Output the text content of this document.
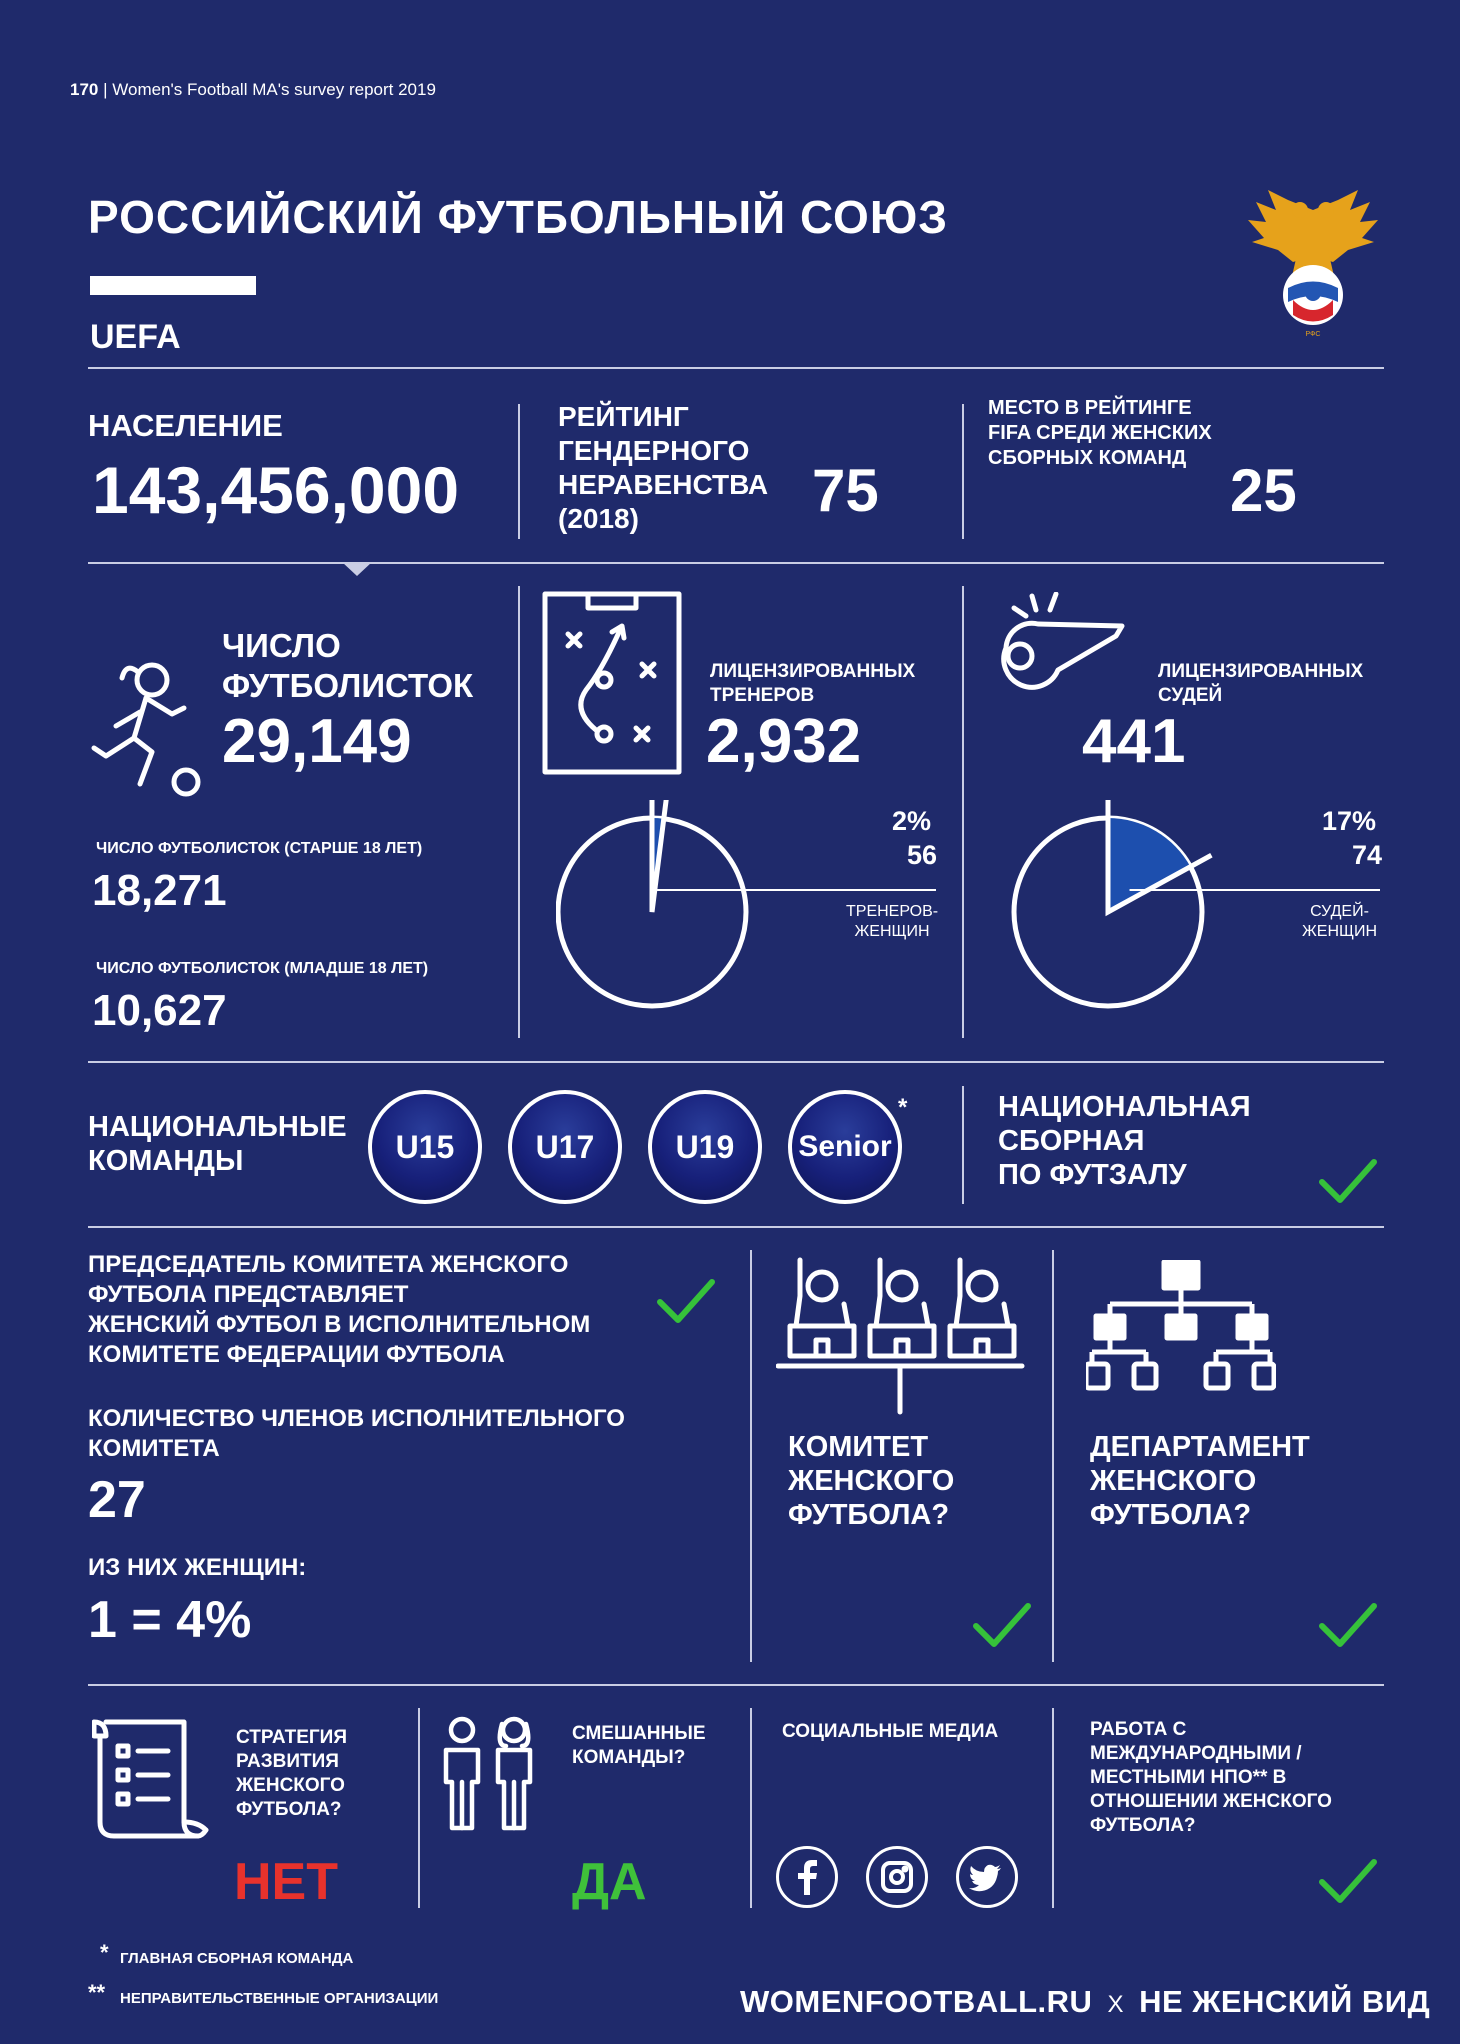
170 | Women's Football MA's survey report 2019
РОССИЙСКИЙ ФУТБОЛЬНЫЙ СОЮЗ
UEFA	РФС
НАСЕЛЕНИЕ
143,456,000
РЕЙТИНГ
ГЕНДЕРНОГО
НЕРАВЕНСТВА
(2018)	75
МЕСТО В РЕЙТИНГЕ
FIFA СРЕДИ ЖЕНСКИХ
СБОРНЫХ КОМАНД 25
ЧИСЛО
ФУТБОЛИСТОК
29,149
ЧИСЛО ФУТБОЛИСТОК (СТАРШЕ 18 ЛЕТ)
18,271
ЧИСЛО ФУТБОЛИСТОК (МЛАДШЕ 18 ЛЕТ)
10,627
ЛИЦЕНЗИРОВАННЫХ
ТРЕНЕРОВ
2,932
2%
56
ТРЕНЕРОВ-
ЖЕНЩИН
ЛИЦЕНЗИРОВАННЫХ
СУДЕЙ
441
17%
74
СУДЕЙ-
ЖЕНЩИН
НАЦИОНАЛЬНЫЕ
КОМАНДЫ	U15	U17	U19	Senior
*	НАЦИОНАЛЬНАЯ
СБОРНАЯ
ПО ФУТЗАЛУ
ПРЕДСЕДАТЕЛЬ КОМИТЕТА ЖЕНСКОГО
ФУТБОЛА ПРЕДСТАВЛЯЕТ
ЖЕНСКИЙ ФУТБОЛ В ИСПОЛНИТЕЛЬНОМ
КОМИТЕТЕ ФЕДЕРАЦИИ ФУТБОЛА
КОЛИЧЕСТВО ЧЛЕНОВ ИСПОЛНИТЕЛЬНОГО
КОМИТЕТА
27
ИЗ НИХ ЖЕНЩИН:
1 = 4%
КОМИТЕТ
ЖЕНСКОГО
ФУТБОЛА?
ДЕПАРТАМЕНТ
ЖЕНСКОГО
ФУТБОЛА?
СТРАТЕГИЯ
РАЗВИТИЯ
ЖЕНСКОГО
ФУТБОЛА?
НЕТ
СМЕШАННЫЕ
КОМАНДЫ?
ДА
СОЦИАЛЬНЫЕ МЕДИА	РАБОТА С
МЕЖДУНАРОДНЫМИ /
МЕСТНЫМИ НПО** В
ОТНОШЕНИИ ЖЕНСКОГО
ФУТБОЛА?
* ГЛАВНАЯ СБОРНАЯ КОМАНДА
** НЕПРАВИТЕЛЬСТВЕННЫЕ ОРГАНИЗАЦИИ	WOMENFOOTBALL.RU X НЕ ЖЕНСКИЙ ВИД
